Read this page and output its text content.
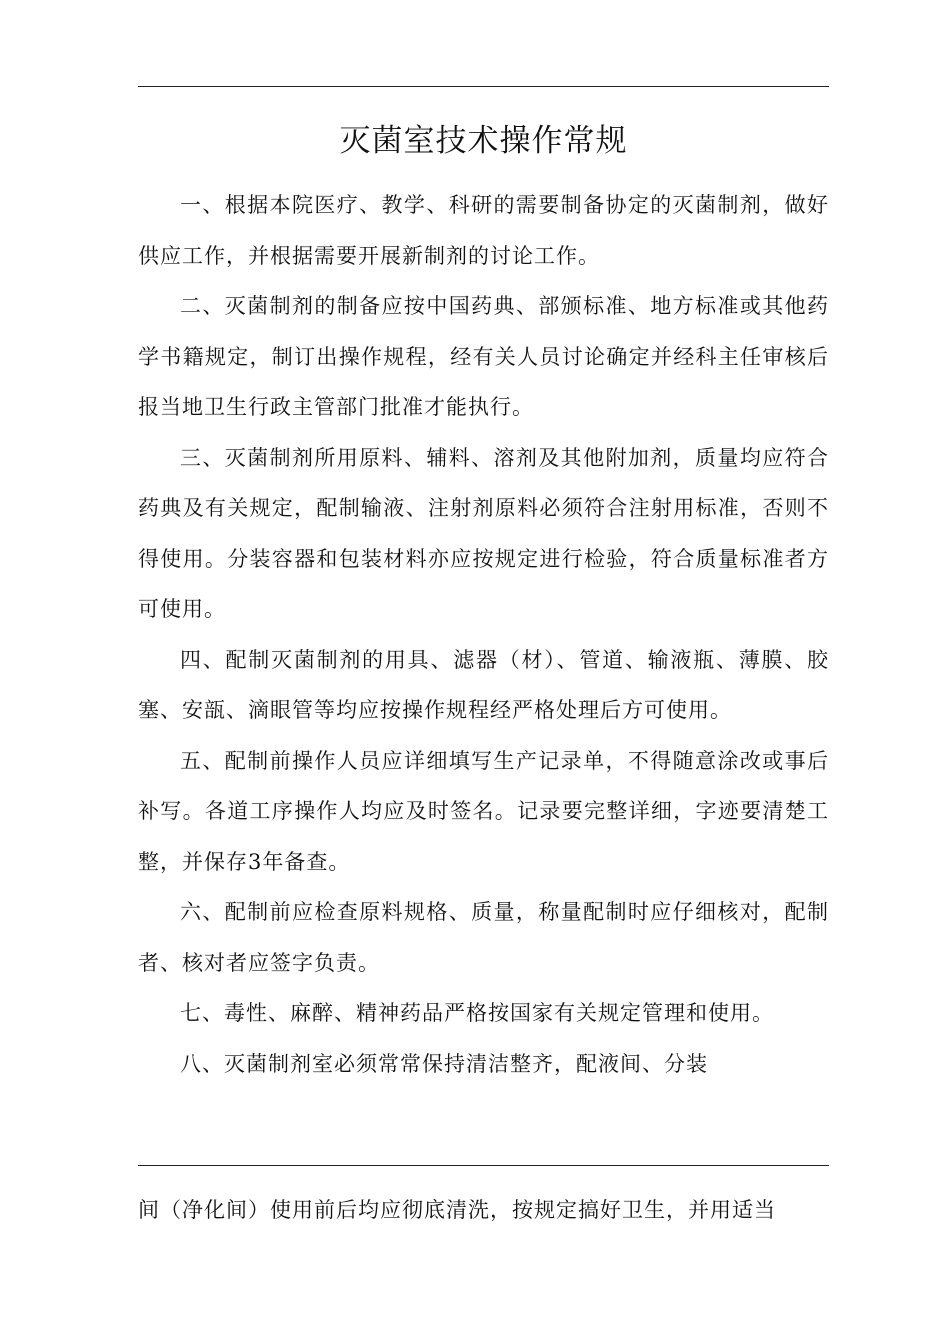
灭菌室技术操作常规

一、根据本院医疗、教学、科研的需要制备协定的灭菌制剂，做好供应工作，并根据需要开展新制剂的讨论工作。

二、灭菌制剂的制备应按中国药典、部颁标准、地方标准或其他药学书籍规定，制订出操作规程，经有关人员讨论确定并经科主任审核后报当地卫生行政主管部门批准才能执行。

三、灭菌制剂所用原料、辅料、溶剂及其他附加剂，质量均应符合药典及有关规定，配制输液、注射剂原料必须符合注射用标准，否则不得使用。分装容器和包装材料亦应按规定进行检验，符合质量标准者方可使用。

四、配制灭菌制剂的用具、滤器（材）、管道、输液瓶、薄膜、胶塞、安瓿、滴眼管等均应按操作规程经严格处理后方可使用。

五、配制前操作人员应详细填写生产记录单，不得随意涂改或事后补写。各道工序操作人均应及时签名。记录要完整详细，字迹要清楚工整，并保存3年备查。

六、配制前应检查原料规格、质量，称量配制时应仔细核对，配制者、核对者应签字负责。

七、毒性、麻醉、精神药品严格按国家有关规定管理和使用。

八、灭菌制剂室必须常常保持清洁整齐，配液间、分装

间（净化间）使用前后均应彻底清洗，按规定搞好卫生，并用适当
